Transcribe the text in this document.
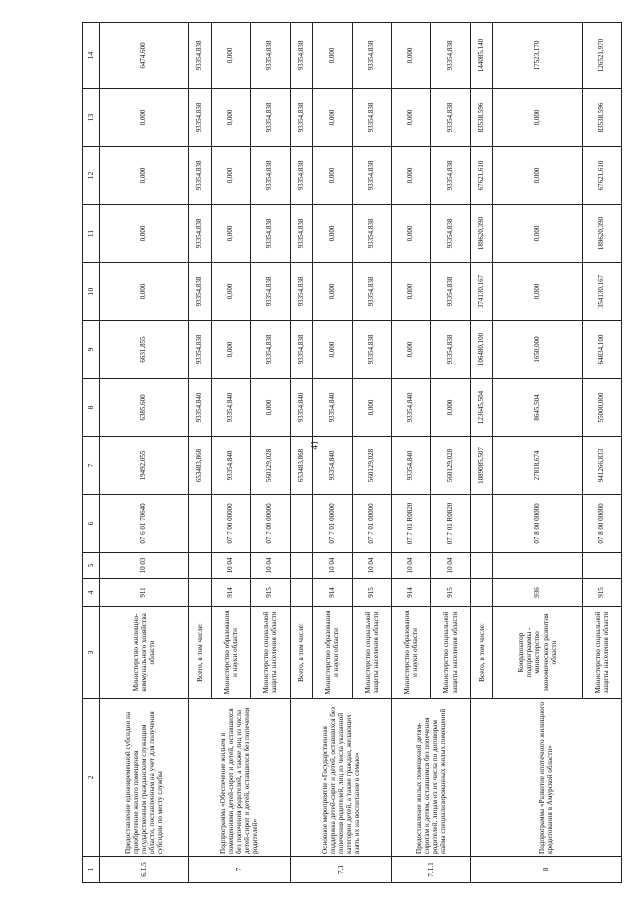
41
1	2	3	4	5	6	7	8	9	10	11	12	13	14
6.1.5	Предоставление единовременной субсидии на приобретение жилого помещения государственным гражданским служащим области, поставленным на учет для получения субсидии по месту службы	Министерство жилищно-коммунального хозяйства области	911	10 03	07 6 01 70640	19492,055	6385,600	6631,855	0,000	0,000	0,000	0,000	6474,600
7	Подпрограмма «Обеспечение жильем и помещениями детей-сирот и детей, оставшихся без попечения родителей, а также лиц из числа детей-сирот и детей, оставшихся без попечения родителей»	Всего, в том числе:				653483,868	93354,840	93354,838	93354,838	93354,838	93354,838	93354,838	93354,838
		Министерство образования и науки области	914	10 04	07 7 00 00000	93354,840	93354,840	0,000	0,000	0,000	0,000	0,000	0,000
		Министерство социальной защиты населения области	915	10 04	07 7 00 00000	560129,028	0,000	93354,838	93354,838	93354,838	93354,838	93354,838	93354,838
7.1	Основное мероприятие «Государственная поддержка детей-сирот и детей, оставшихся без попечения родителей, лиц из числа указанной категории детей, а также граждан, желающих взять их на воспитание в семью»	Всего, в том числе:				653483,868	93354,840	93354,838	93354,838	93354,838	93354,838	93354,838	93354,838
		Министерство образования и науки области	914	10 04	07 7 01 00000	93354,840	93354,840	0,000	0,000	0,000	0,000	0,000	0,000
		Министерство социальной защиты населения области	915	10 04	07 7 01 00000	560129,028	0,000	93354,838	93354,838	93354,838	93354,838	93354,838	93354,838
7.1.1	Предоставление жилых помещений детям-сиротам и детям, оставшимся без попечения родителей, лицам из их числа по договорам найма специализированных жилых помещений	Министерство образования и науки области	914	10 04	07 7 01 R0820	93354,840	93354,840	0,000	0,000	0,000	0,000	0,000	0,000
		Министерство социальной защиты населения области	915	10 04	07 7 01 R0820	560129,028	0,000	93354,838	93354,838	93354,838	93354,838	93354,838	93354,838
8	Подпрограмма «Развитие ипотечного жилищного кредитования в Амурской области»	Всего, в том числе:				1089085,507	123645,504	106480,100	374130,167	189620,390	67621,610	83538,596	144085,140
		Координатор подпрограммы - министерство экономического развития области	936		07 8 00 00000	27818,674	8645,504	1650,000	0,000	0,000	0,000	0,000	17523,170
		Министерство социальной защиты населения области	915		07 8 00 00000	941266,833	55000,000	64834,100	354130,167	189620,390	67621,610	83538,596	126521,970
